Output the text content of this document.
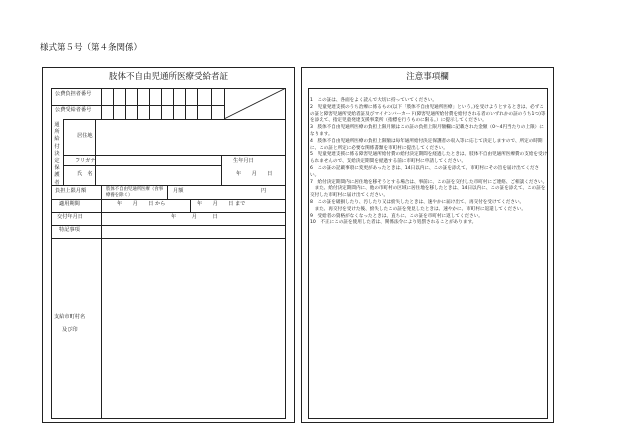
様式第５号（第４条関係）
肢体不自由児通所医療受給者証
公費負担者番号
公費受給者番号
通所給付決定保護者
居住地
フリガナ	生年月日
氏　名	年　　月　　日
負担上限月額	肢体不自由児通所医療（食事療養を除く）
月額	円
適用期間	年　　月　　日 から	年　　月　　日 まで
交付年月日	年　　　月　　　日
特記事項
支給市町村名
及び印
注意事項欄
1　この証は、各面をよく読んで大切に持っていてください。
2　児童発達支援のうち治療に係るもの(以下「肢体不自由児通所医療」という。)を受けようとするときは、必ずこの証と障害児通所受給者証及びマイナンバーカード(障害児通所給付費を給付される者のいずれかの証のうち1つ)等を添えて、指定児童発達支援事業所（指標を行うものに限る。）に提示してください。
3　肢体不自由児通所医療の負担上限月額はこの証の負担上限月額欄に記載された金額（0～4円当たりの上限）になります。
4　肢体不自由児通所医療の負担上限額は毎年通所給付決定保護者の収入等に応じて決定しますので、所定の時期に、この証と所定に必要な関係書類を市町村に提出してください。
5　児童発達支援に係る障害児通所給付費の給付決定期間を経過したときは、肢体不自由児通所医療費の支給を受けられませんので、支給決定期間を経過する前に市町村に申請してください。
6　この証の記載事項に変更があったときは、14日以内に、この証を添えて、市町村にその旨を届け出てください。
7　給付決定期間内に居住地を移そうとする場合は、事前に、この証を交付した市町村にご連絡、ご相談ください。
　また、給付決定期間内に、他の市町村の区域に居住地を移したときは、14日以内に、この証を添えて、この証を交付した市町村に届け出てください。
8　この証を破損したり、汚したり又は紛失したときは、速やかに届け出て、再交付を受けてください。
　また、再交付を受けた後、紛失したこの証を発見したときは、速やかに、市町村に返還してください。
9　受給者の資格がなくなったときは、直ちに、この証を市町村に返してください。
10　不正にこの証を使用した者は、関係法令により処罰されることがあります。
